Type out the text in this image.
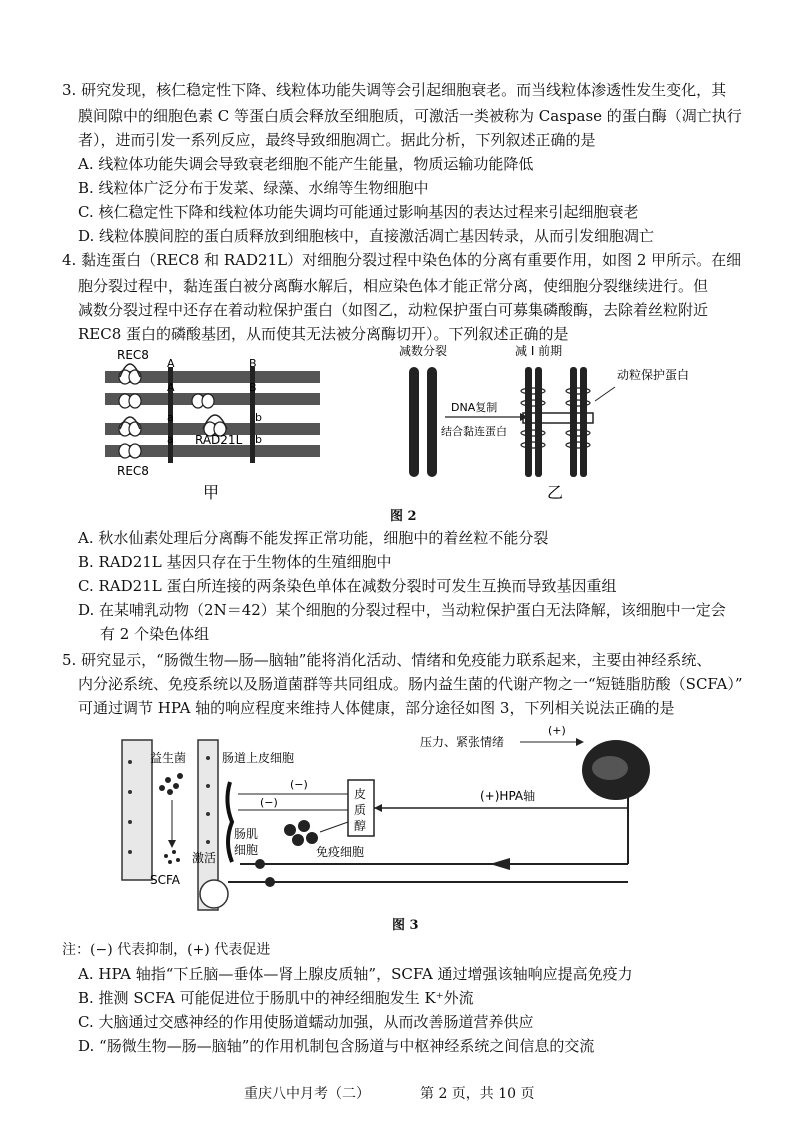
3. 研究发现，核仁稳定性下降、线粒体功能失调等会引起细胞衰老。而当线粒体渗透性发生变化，其
膜间隙中的细胞色素 C 等蛋白质会释放至细胞质，可激活一类被称为 Caspase 的蛋白酶（凋亡执行
者），进而引发一系列反应，最终导致细胞凋亡。据此分析，下列叙述正确的是
A. 线粒体功能失调会导致衰老细胞不能产生能量，物质运输功能降低
B. 线粒体广泛分布于发菜、绿藻、水绵等生物细胞中
C. 核仁稳定性下降和线粒体功能失调均可能通过影响基因的表达过程来引起细胞衰老
D. 线粒体膜间腔的蛋白质释放到细胞核中，直接激活凋亡基因转录，从而引发细胞凋亡
4. 黏连蛋白（REC8 和 RAD21L）对细胞分裂过程中染色体的分离有重要作用，如图 2 甲所示。在细
胞分裂过程中，黏连蛋白被分离酶水解后，相应染色体才能正常分离，使细胞分裂继续进行。但
减数分裂过程中还存在着动粒保护蛋白（如图乙，动粒保护蛋白可募集磷酸酶，去除着丝粒附近
REC8 蛋白的磷酸基团，从而使其无法被分离酶切开）。下列叙述正确的是
REC8
REC8
RAD21L
A
A
a
a
B
B
b
b
甲
减数分裂	减 I 前期
DNA复制
结合黏连蛋白
动粒保护蛋白
乙
图 2
A. 秋水仙素处理后分离酶不能发挥正常功能，细胞中的着丝粒不能分裂
B. RAD21L 基因只存在于生物体的生殖细胞中
C. RAD21L 蛋白所连接的两条染色单体在减数分裂时可发生互换而导致基因重组
D. 在某哺乳动物（2N＝42）某个细胞的分裂过程中，当动粒保护蛋白无法降解，该细胞中一定会
有 2 个染色体组
5. 研究显示，“肠微生物—肠—脑轴”能将消化活动、情绪和免疫能力联系起来，主要由神经系统、
内分泌系统、免疫系统以及肠道菌群等共同组成。肠内益生菌的代谢产物之一“短链脂肪酸（SCFA）”
可通过调节 HPA 轴的响应程度来维持人体健康，部分途径如图 3，下列相关说法正确的是
益生菌
SCFA
激活
肠道上皮细胞
肠肌
细胞
皮
质
醇
(−)
(−)
免疫细胞
(+)HPA轴
压力、紧张情绪
(+)
图 3
注：(−) 代表抑制，(+) 代表促进
A. HPA 轴指“下丘脑—垂体—肾上腺皮质轴”，SCFA 通过增强该轴响应提高免疫力
B. 推测 SCFA 可能促进位于肠肌中的神经细胞发生 K⁺外流
C. 大脑通过交感神经的作用使肠道蠕动加强，从而改善肠道营养供应
D. “肠微生物—肠—脑轴”的作用机制包含肠道与中枢神经系统之间信息的交流
重庆八中月考（二）	第 2 页，共 10 页
